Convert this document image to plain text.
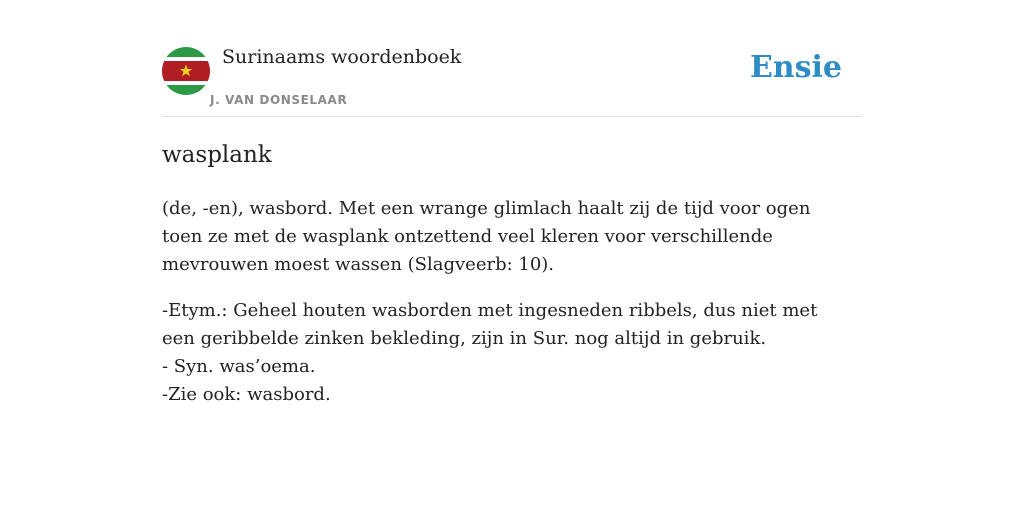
Surinaams woordenboek
J. VAN DONSELAAR
Ensie
wasplank

(de, -en), wasbord. Met een wrange glimlach haalt zij de tijd voor ogen toen ze met de wasplank ontzettend veel kleren voor verschillende mevrouwen moest wassen (Slagveerb: 10).

-Etym.: Geheel houten wasborden met ingesneden ribbels, dus niet met een geribbelde zinken bekleding, zijn in Sur. nog altijd in gebruik.
- Syn. was’oema.
-Zie ook: wasbord.
